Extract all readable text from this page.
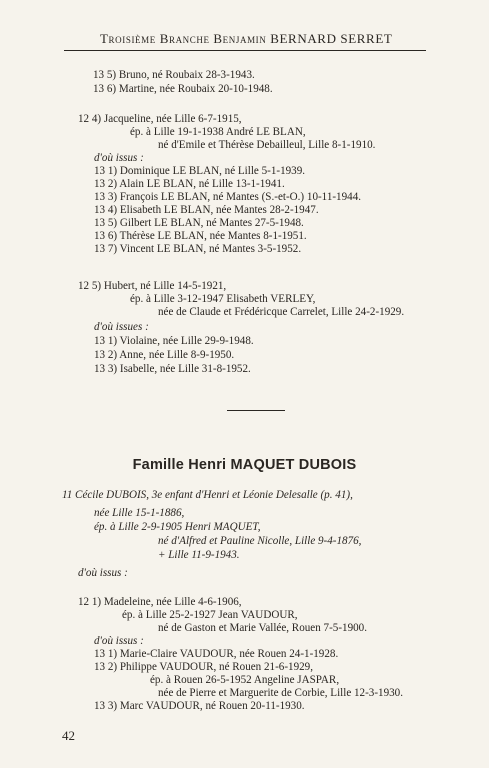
Troisième Branche Benjamin BERNARD SERRET
13 5) Bruno, né Roubaix 28-3-1943.
13 6) Martine, née Roubaix 20-10-1948.
12 4) Jacqueline, née Lille 6-7-1915,
ép. à Lille 19-1-1938 André LE BLAN,
né d'Emile et Thérèse Debailleul, Lille 8-1-1910.
d'où issus :
13 1) Dominique LE BLAN, né Lille 5-1-1939.
13 2) Alain LE BLAN, né Lille 13-1-1941.
13 3) François LE BLAN, né Mantes (S.-et-O.) 10-11-1944.
13 4) Elisabeth LE BLAN, née Mantes 28-2-1947.
13 5) Gilbert LE BLAN, né Mantes 27-5-1948.
13 6) Thérèse LE BLAN, née Mantes 8-1-1951.
13 7) Vincent LE BLAN, né Mantes 3-5-1952.
12 5) Hubert, né Lille 14-5-1921,
ép. à Lille 3-12-1947 Elisabeth VERLEY,
née de Claude et Frédéricque Carrelet, Lille 24-2-1929.
d'où issues :
13 1) Violaine, née Lille 29-9-1948.
13 2) Anne, née Lille 8-9-1950.
13 3) Isabelle, née Lille 31-8-1952.
11 Cécile DUBOIS, 3e enfant d'Henri et Léonie Delesalle (p. 41),
née Lille 15-1-1886,
ép. à Lille 2-9-1905 Henri MAQUET,
né d'Alfred et Pauline Nicolle, Lille 9-4-1876,
+ Lille 11-9-1943.
d'où issus :
12 1) Madeleine, née Lille 4-6-1906,
ép. à Lille 25-2-1927 Jean VAUDOUR,
né de Gaston et Marie Vallée, Rouen 7-5-1900.
d'où issus :
13 1) Marie-Claire VAUDOUR, née Rouen 24-1-1928.
13 2) Philippe VAUDOUR, né Rouen 21-6-1929,
ép. à Rouen 26-5-1952 Angeline JASPAR,
née de Pierre et Marguerite de Corbie, Lille 12-3-1930.
13 3) Marc VAUDOUR, né Rouen 20-11-1930.
Famille Henri MAQUET DUBOIS
42
